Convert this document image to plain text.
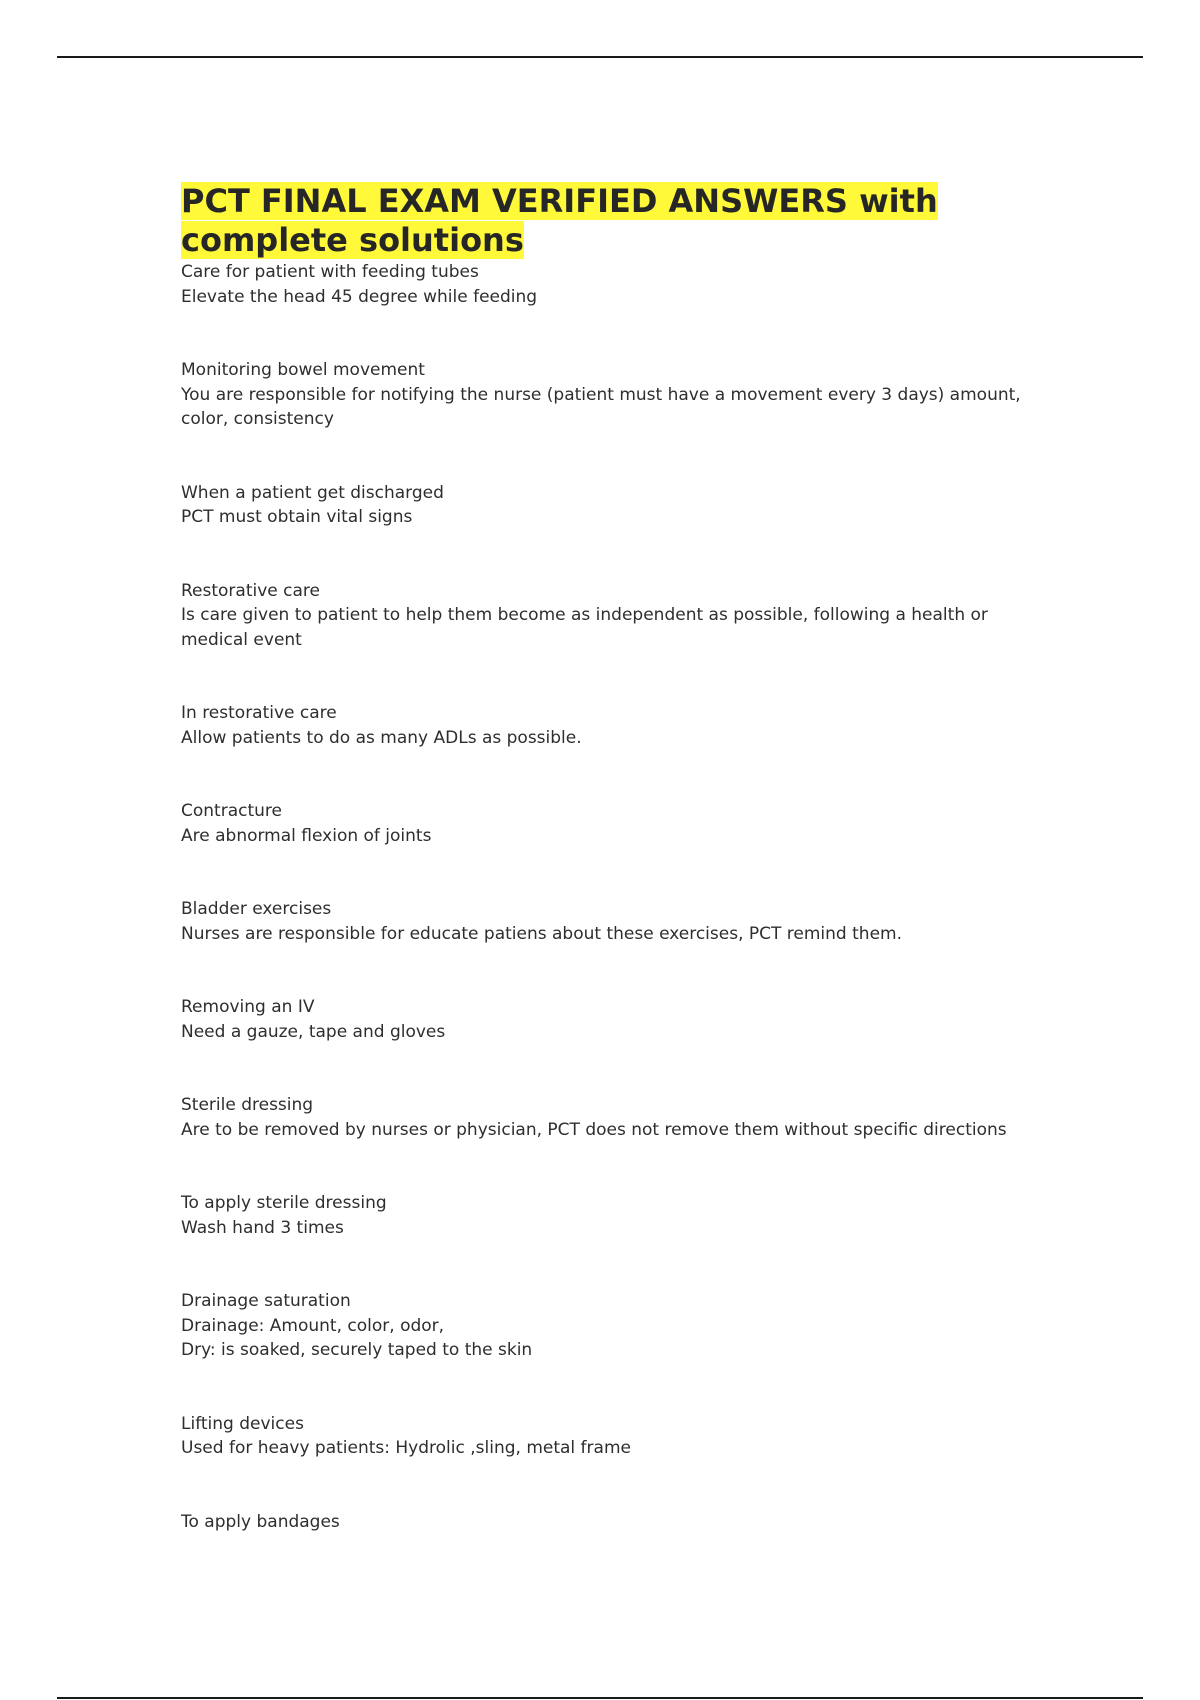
PCT FINAL EXAM VERIFIED ANSWERS with
complete solutions
Care for patient with feeding tubes
Elevate the head 45 degree while feeding
Monitoring bowel movement
You are responsible for notifying the nurse (patient must have a movement every 3 days) amount, color, consistency
When a patient get discharged
PCT must obtain vital signs
Restorative care
Is care given to patient to help them become as independent as possible, following a health or medical event
In restorative care
Allow patients to do as many ADLs as possible.
Contracture
Are abnormal flexion of joints
Bladder exercises
Nurses are responsible for educate patiens about these exercises, PCT remind them.
Removing an IV
Need a gauze, tape and gloves
Sterile dressing
Are to be removed by nurses or physician, PCT does not remove them without specific directions
To apply sterile dressing
Wash hand 3 times
Drainage saturation
Drainage: Amount, color, odor,
Dry: is soaked, securely taped to the skin
Lifting devices
Used for heavy patients: Hydrolic ,sling, metal frame
To apply bandages
